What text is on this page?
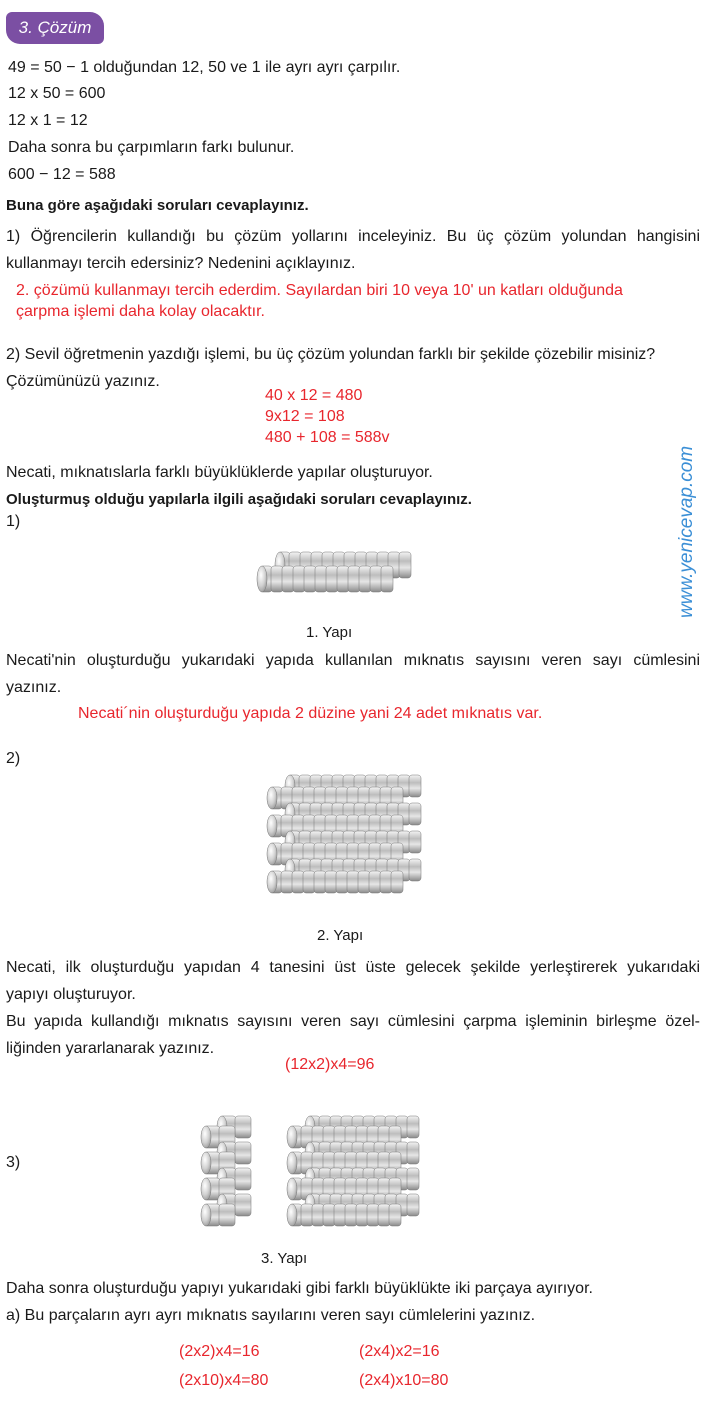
3. Çözüm
49 = 50 − 1 olduğundan 12, 50 ve 1 ile ayrı ayrı çarpılır.
12 x 50 = 600
12 x 1 = 12
Daha sonra bu çarpımların farkı bulunur.
600 − 12 = 588
Buna göre aşağıdaki soruları cevaplayınız.
1) Öğrencilerin kullandığı bu çözüm yollarını inceleyiniz. Bu üç çözüm yolundan hangisini
kullanmayı tercih edersiniz? Nedenini açıklayınız.
2. çözümü kullanmayı tercih ederdim. Sayılardan biri 10 veya 10' un katları olduğunda
çarpma işlemi daha kolay olacaktır.
2) Sevil öğretmenin yazdığı işlemi, bu üç çözüm yolundan farklı bir şekilde çözebilir misiniz?
Çözümünüzü yazınız.
40 x 12 = 480
9x12 = 108
480 + 108 = 588v
www.yenicevap.com
Necati, mıknatıslarla farklı büyüklüklerde yapılar oluşturuyor.
Oluşturmuş olduğu yapılarla ilgili aşağıdaki soruları cevaplayınız.
1)
1. Yapı
Necati'nin oluşturduğu yukarıdaki yapıda kullanılan mıknatıs sayısını veren sayı cümlesini
yazınız.
Necati´nin oluşturduğu yapıda 2 düzine yani 24 adet mıknatıs var.
2)
2. Yapı
Necati, ilk oluşturduğu yapıdan 4 tanesini üst üste gelecek şekilde yerleştirerek yukarıdaki
yapıyı oluşturuyor.
Bu yapıda kullandığı mıknatıs sayısını veren sayı cümlesini çarpma işleminin birleşme özel-
liğinden yararlanarak yazınız.
(12x2)x4=96
3)
3. Yapı
Daha sonra oluşturduğu yapıyı yukarıdaki gibi farklı büyüklükte iki parçaya ayırıyor.
a) Bu parçaların ayrı ayrı mıknatıs sayılarını veren sayı cümlelerini yazınız.
(2x2)x4=16	(2x4)x2=16
(2x10)x4=80	(2x4)x10=80
